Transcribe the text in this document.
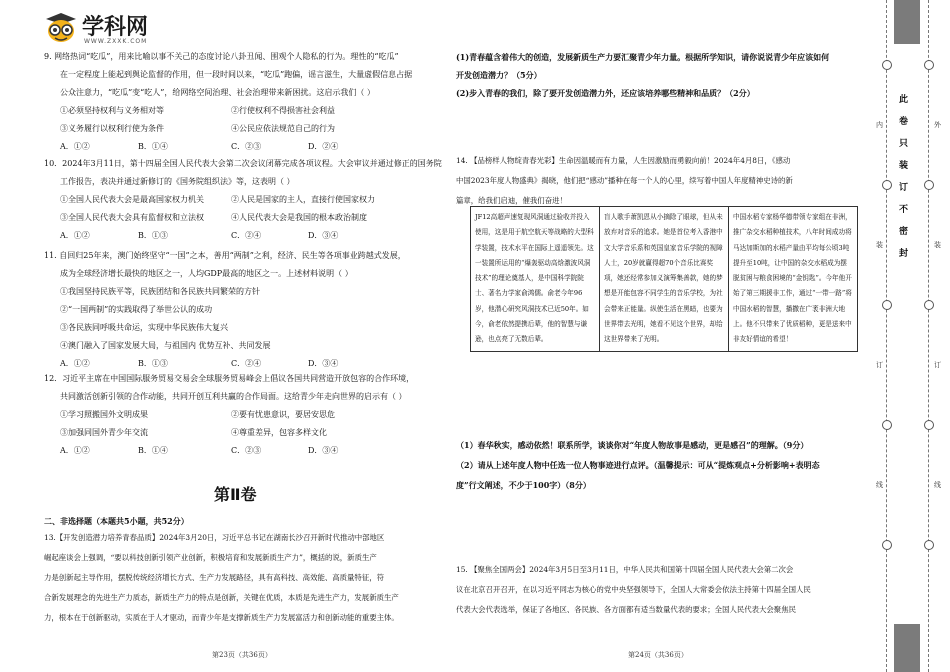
学科网
WWW.ZXXK.COM
9. 网络热词“吃瓜”，用来比喻以事不关己的态度讨论八卦丑闻、围观个人隐私的行为。理性的“吃瓜”
在一定程度上能起到舆论监督的作用，但一段时间以来，“吃瓜”跑偏，谣言滋生，大量虚假信息占据
公众注意力，“吃瓜”变“吃人”，给网络空间治理、社会治理带来新困扰。这启示我们（ ）
①必须坚持权利与义务相对等	②行使权利不得损害社会利益
③义务履行以权利行使为条件	④公民应依法规范自己的行为
A．①②	B．①④	C．②③	D．②④
10．2024年3月11日，第十四届全国人民代表大会第二次会议闭幕完成各项议程。大会审议并通过修正的国务院
工作报告，表决并通过新修订的《国务院组织法》等，这表明（ ）
①全国人民代表大会是最高国家权力机关	②人民是国家的主人，直接行使国家权力
③全国人民代表大会具有监督权和立法权	④人民代表大会是我国的根本政治制度
A．①②	B．①③	C．②④	D．③④
11. 自回归25年来，澳门始终坚守“一国”之本，善用“两制”之利，经济、民生等各项事业跨越式发展，
成为全球经济增长最快的地区之一，人均GDP最高的地区之一。上述材料说明（ ）
①我国坚持民族平等，民族团结和各民族共同繁荣的方针
②“一国两制”的实践取得了举世公认的成功
③各民族同呼吸共命运，实现中华民族伟大复兴
④澳门融入了国家发展大局，与祖国内 优势互补、共同发展
A．①②	B．①③	C．②④	D．③④
12．习近平主席在中国国际服务贸易交易会全球服务贸易峰会上倡议各国共同营造开放包容的合作环境，
共同激活创新引领的合作动能，共同开创互利共赢的合作局面。这给青少年走向世界的启示有（ ）
①学习照搬国外文明成果	②要有忧患意识，要居安思危
③加强同国外青少年交流	④尊重差异，包容多样文化
A．①②	B．①④	C．②③	D．③④
二、非选择题（本题共5小题，共52分）
13.【开发创造潜力培养青春品质】2024年3月20日，习近平总书记在湖南长沙召开新时代推动中部地区
崛起座谈会上强调，“要以科技创新引领产业创新，积极培育和发展新质生产力”，概括的说，新质生产
力是创新起主导作用，摆脱传统经济增长方式、生产力发展路径，具有高科技、高效能、高质量特征，符
合新发展理念的先进生产力质态，新质生产力的特点是创新，关键在优质，本质是先进生产力，发展新质生产
力，根本在于创新驱动，实质在于人才驱动，而青少年是支撑新质生产力发展富活力和创新动能的重要主体。
(1)青春蕴含着伟大的创造，发展新质生产力要汇聚青少年力量。根据所学知识，请你说说青少年应该如何
开发创造潜力？（5分）
(2)步入青春的我们，除了要开发创造潜力外，还应该培养哪些精神和品质？（2分）
14. 【品榜样人物绽青春光彩】生命因温暖而有力量，人生因激励而勇毅向前！2024年4月8日，《感动
中国2023年度人物盛典》揭晓，他们把“感动”播种在每一个人的心里，续写着中国人年度精神史诗的新
篇章，给我们启迪，催我们奋进！
（1）春华秋实，感动依然！联系所学，谈谈你对“年度人物故事是感动，更是感召”的理解。（9分）
（2）请从上述年度人物中任选一位人物事迹进行点评。（温馨提示：可从“提炼观点+分析影响+表明态
度”行文阐述，不少于100字）（8分）
15. 【聚焦全国两会】2024年3月5日至3月11日，中华人民共和国第十四届全国人民代表大会第二次会
议在北京召开召开，在以习近平同志为核心的党中央坚强领导下，全国人大常委会依法主持第十四届全国人民
代表大会代表选举，保证了各地区、各民族、各方面都有适当数量代表的要求；全国人民代表大会聚焦民
外
装
订
线
内
装
订
线
此
卷
只
装
订
不
密
封
第Ⅱ卷
第23页（共36页）	第24页（共36页）
JF12高超声速复现风洞通过验收并投入使用，这是用于航空航天等战略的大型科学装置，技术水平在国际上遥遥领先。这一装置所运用的“爆轰驱动高焓激波风洞技术”的理论奠基人，是中国科学院院士、著名力学家俞鸿儒。俞老今年96岁，他潜心研究风洞技术已近50年。如今，俞老依然提携后辈，他的智慧与谦逊，也点亮了无数后辈。	盲人歌手萧凯恩从小摘除了眼球，但从未放弃对音乐的追求。她是首位考入香港中文大学音乐系和英国皇家音乐学院的视障人士，20岁就赢得超70个音乐比赛奖项，她还经常参加义演筹集善款，她的梦想是开能包容不同学生的音乐学校，为社会带来正能量。纵使生活在黑暗，也要为世界带去光明，她看不见这个世界，却给这世界带来了光明。	中国水稻专家杨华德带领专家组在非洲，推广杂交水稻种植技术，八年时间成功将马达加斯加的水稻产量由平均每公顷3吨提升至10吨，让中国的杂交水稻成为摆脱贫困与粮食困境的“金钥匙”。今年他开始了第三期援非工作，通过“一带一路”将中国水稻的智慧，播撒在广袤非洲大地上。他不只带来了优质稻种，更是送来中非友好情谊的希望！
